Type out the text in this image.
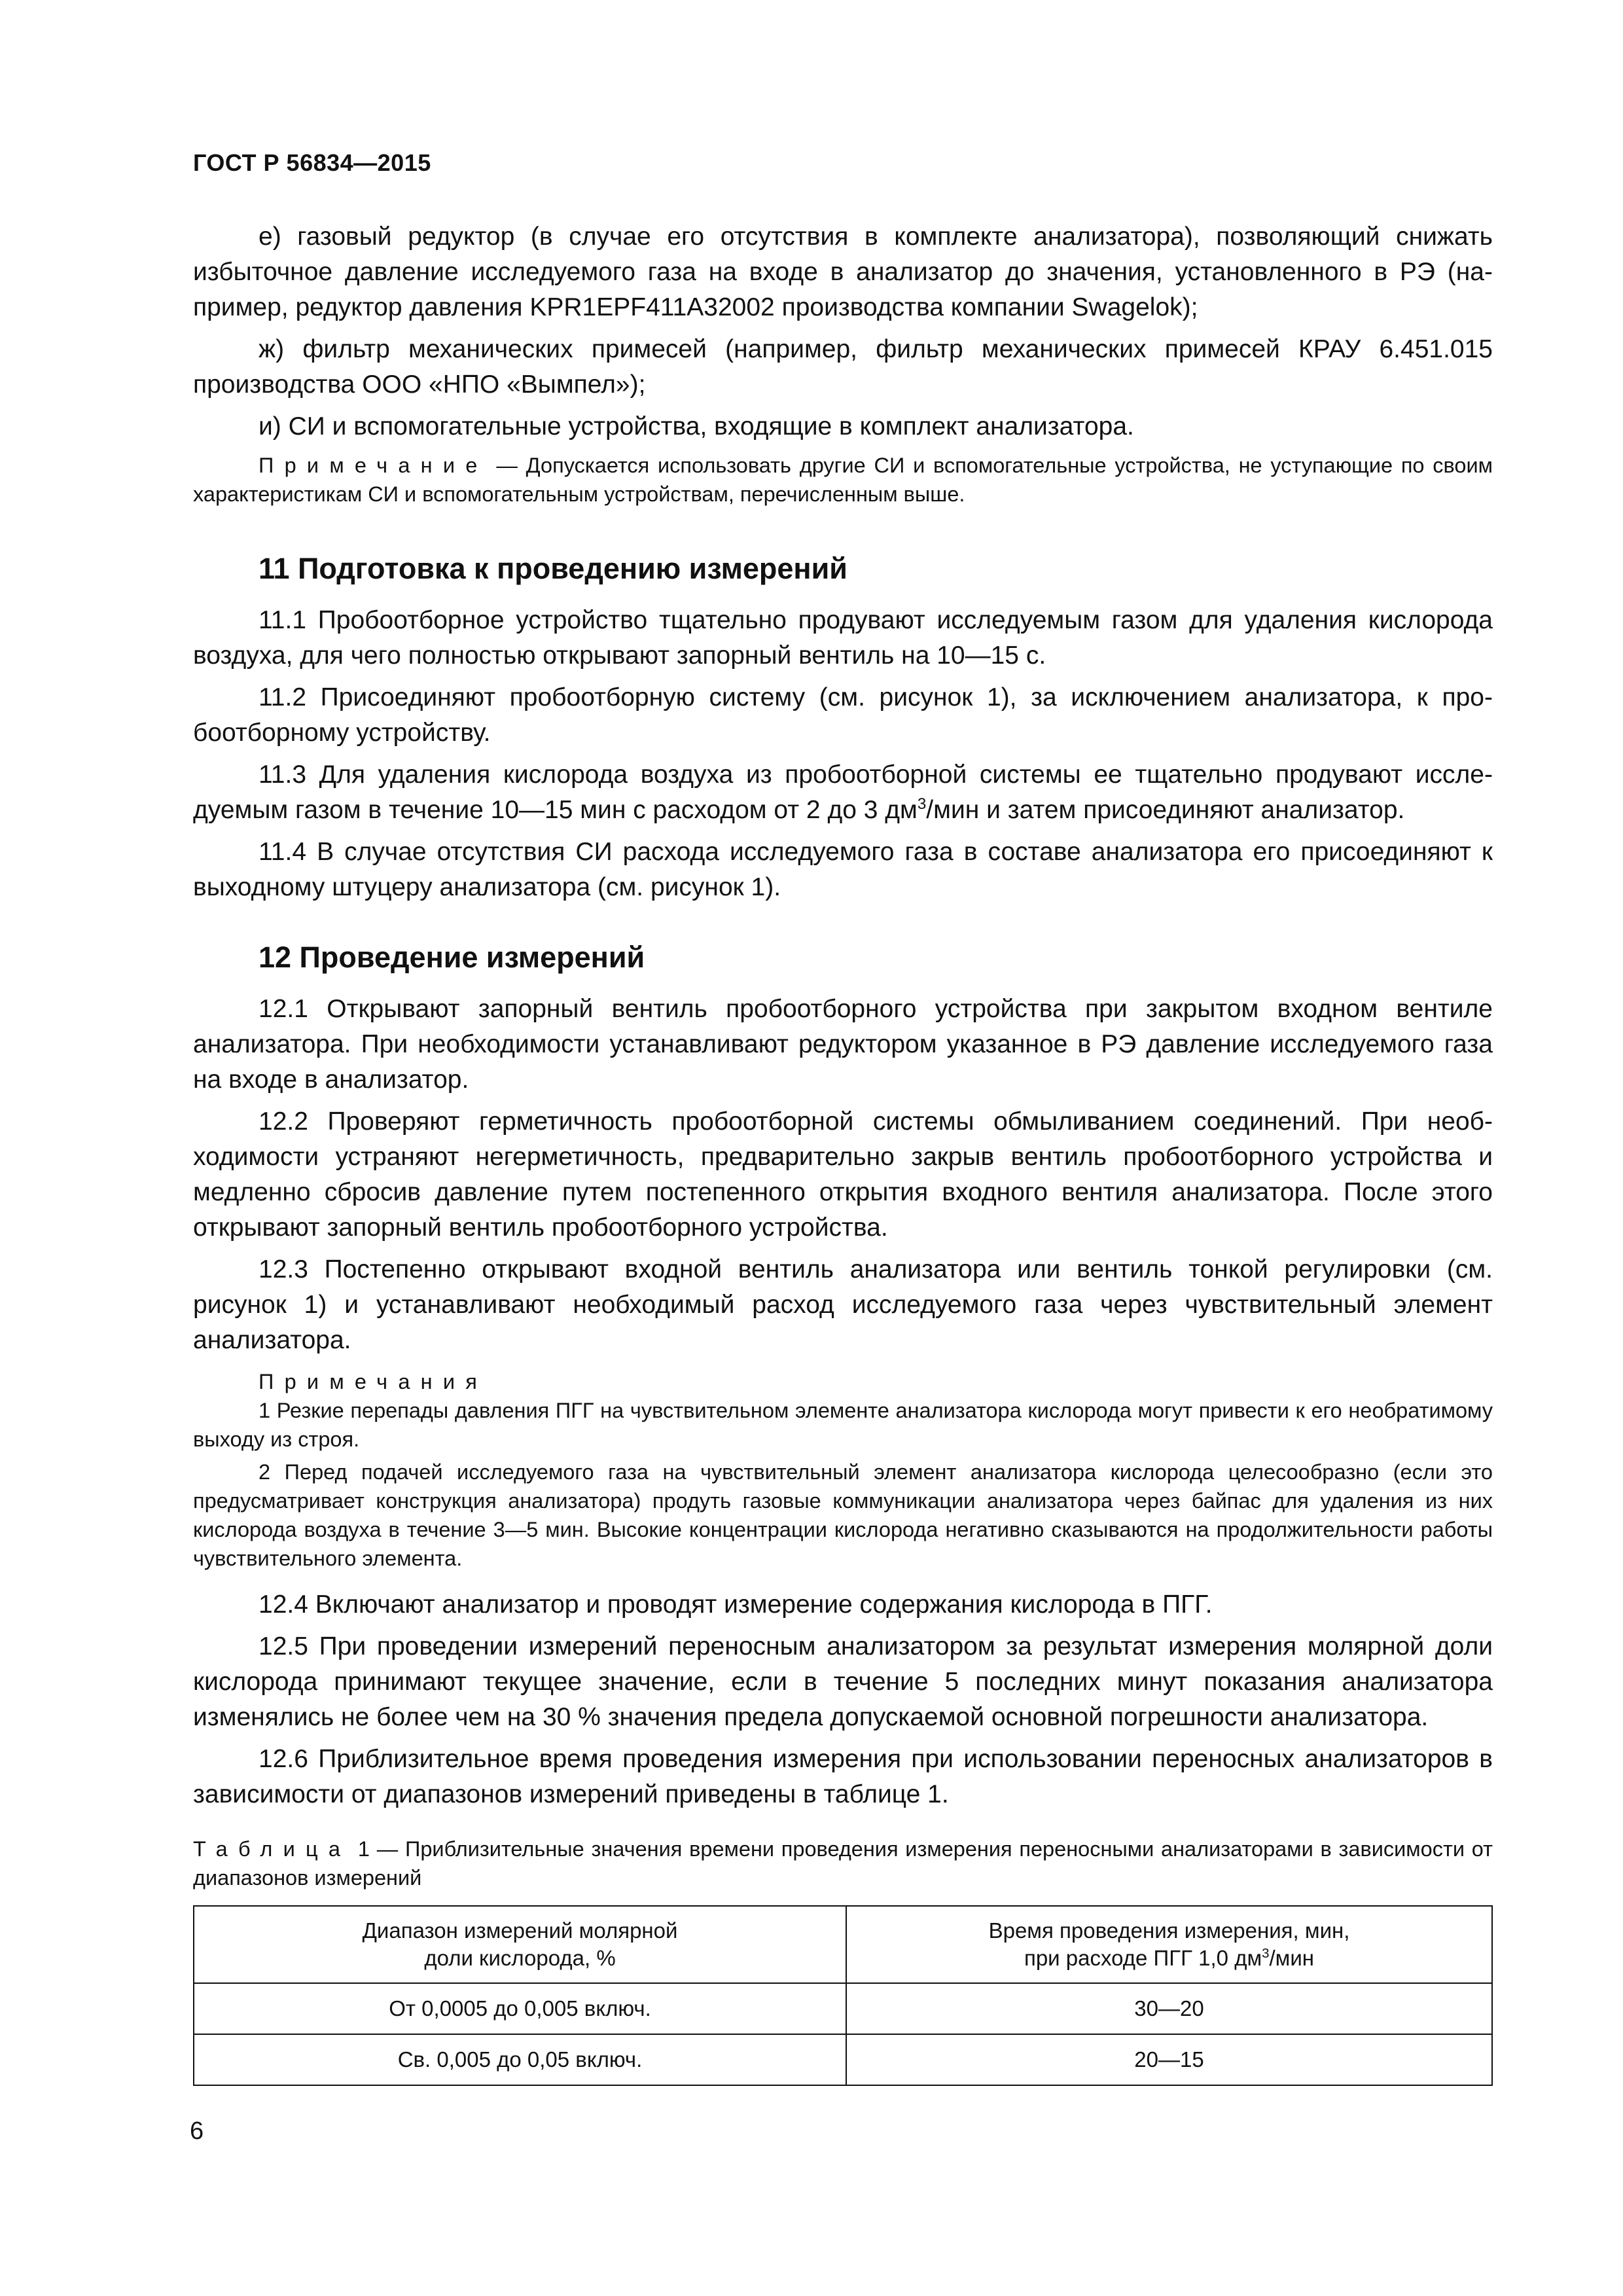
ГОСТ Р 56834—2015

е) газовый редуктор (в случае его отсутствия в комплекте анализатора), позволяющий снижать избыточное давление исследуемого газа на входе в анализатор до значения, установленного в РЭ (например, редуктор давления KPR1EPF411A32002 производства компании Swagelok);

ж) фильтр механических примесей (например, фильтр механических примесей КРАУ 6.451.015 производства ООО «НПО «Вымпел»);

и) СИ и вспомогательные устройства, входящие в комплект анализатора.

Примечание — Допускается использовать другие СИ и вспомогательные устройства, не уступающие по своим характеристикам СИ и вспомогательным устройствам, перечисленным выше.

11 Подготовка к проведению измерений

11.1 Пробоотборное устройство тщательно продувают исследуемым газом для удаления кислорода воздуха, для чего полностью открывают запорный вентиль на 10—15 с.

11.2 Присоединяют пробоотборную систему (см. рисунок 1), за исключением анализатора, к пробоотборному устройству.

11.3 Для удаления кислорода воздуха из пробоотборной системы ее тщательно продувают исследуемым газом в течение 10—15 мин с расходом от 2 до 3 $дм^3$/мин и затем присоединяют анализатор.

11.4 В случае отсутствия СИ расхода исследуемого газа в составе анализатора его присоединяют к выходному штуцеру анализатора (см. рисунок 1).

12 Проведение измерений

12.1 Открывают запорный вентиль пробоотборного устройства при закрытом входном вентиле анализатора. При необходимости устанавливают редуктором указанное в РЭ давление исследуемого газа на входе в анализатор.

12.2 Проверяют герметичность пробоотборной системы обмыливанием соединений. При необходимости устраняют негерметичность, предварительно закрыв вентиль пробоотборного устройства и медленно сбросив давление путем постепенного открытия входного вентиля анализатора. После этого открывают запорный вентиль пробоотборного устройства.

12.3 Постепенно открывают входной вентиль анализатора или вентиль тонкой регулировки (см. рисунок 1) и устанавливают необходимый расход исследуемого газа через чувствительный элемент анализатора.

Примечания

1 Резкие перепады давления ПГГ на чувствительном элементе анализатора кислорода могут привести к его необратимому выходу из строя.

2 Перед подачей исследуемого газа на чувствительный элемент анализатора кислорода целесообразно (если это предусматривает конструкция анализатора) продуть газовые коммуникации анализатора через байпас для удаления из них кислорода воздуха в течение 3—5 мин. Высокие концентрации кислорода негативно сказываются на продолжительности работы чувствительного элемента.

12.4 Включают анализатор и проводят измерение содержания кислорода в ПГГ.

12.5 При проведении измерений переносным анализатором за результат измерения молярной доли кислорода принимают текущее значение, если в течение 5 последних минут показания анализатора изменялись не более чем на 30 % значения предела допускаемой основной погрешности анализатора.

12.6 Приблизительное время проведения измерения при использовании переносных анализаторов в зависимости от диапазонов измерений приведены в таблице 1.

Таблица 1 — Приблизительные значения времени проведения измерения переносными анализаторами в зависимости от диапазонов измерений

Диапазон измерений молярной
доли кислорода, %	Время проведения измерения, мин,
при расходе ПГГ 1,0 $дм^3$/мин
От 0,0005 до 0,005 включ.	30—20
Св. 0,005 до 0,05 включ.	20—15
6
